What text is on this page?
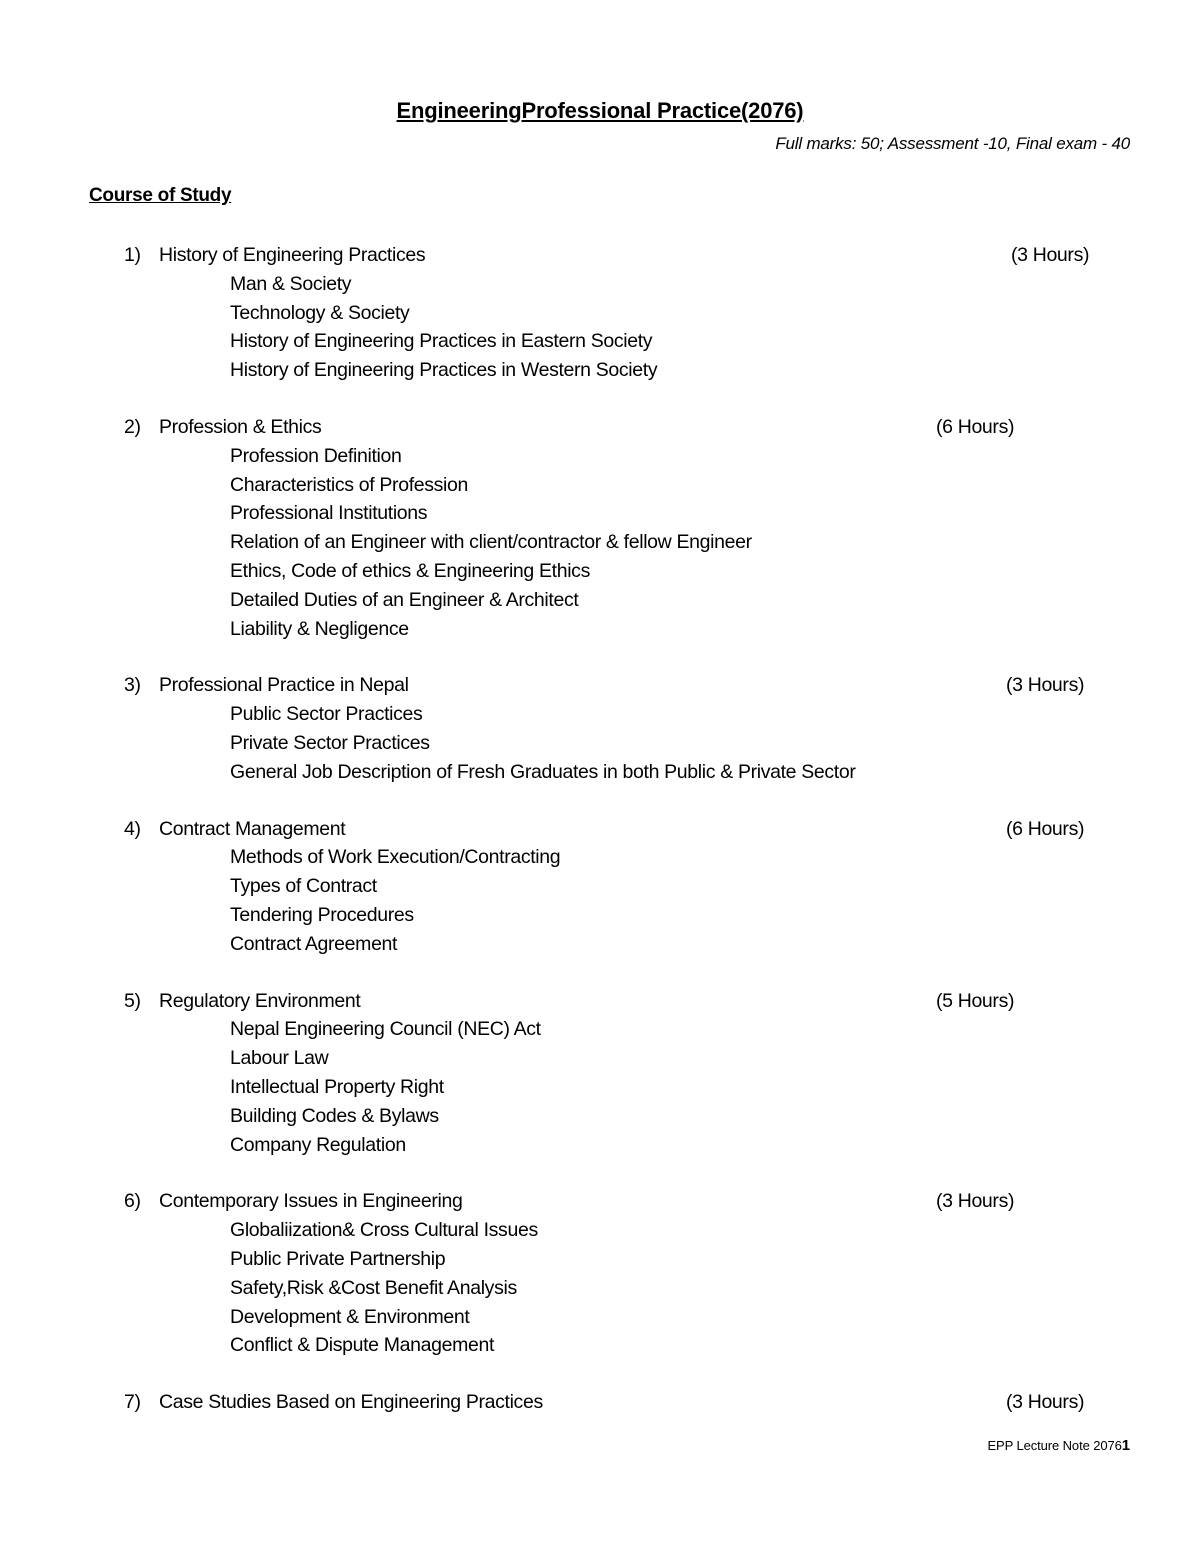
EngineeringProfessional Practice(2076)
Full marks: 50; Assessment -10, Final exam - 40
Course of Study
1) History of Engineering Practices	(3 Hours)
Man & Society
Technology & Society
History of Engineering Practices in Eastern Society
History of Engineering Practices in Western Society
2) Profession & Ethics	(6 Hours)
Profession Definition
Characteristics of Profession
Professional Institutions
Relation of an Engineer with client/contractor & fellow Engineer
Ethics, Code of ethics & Engineering Ethics
Detailed Duties of an Engineer & Architect
Liability & Negligence
3) Professional Practice in Nepal	(3 Hours)
Public Sector Practices
Private Sector Practices
General Job Description of Fresh Graduates in both Public & Private Sector
4) Contract Management	(6 Hours)
Methods of Work Execution/Contracting
Types of Contract
Tendering Procedures
Contract Agreement
5) Regulatory Environment	(5 Hours)
Nepal Engineering Council (NEC) Act
Labour Law
Intellectual Property Right
Building Codes & Bylaws
Company Regulation
6) Contemporary Issues in Engineering	(3 Hours)
Globaliization& Cross Cultural Issues
Public Private Partnership
Safety,Risk &Cost Benefit Analysis
Development & Environment
Conflict & Dispute Management
7) Case Studies Based on Engineering Practices	(3 Hours)
EPP Lecture Note 20761
